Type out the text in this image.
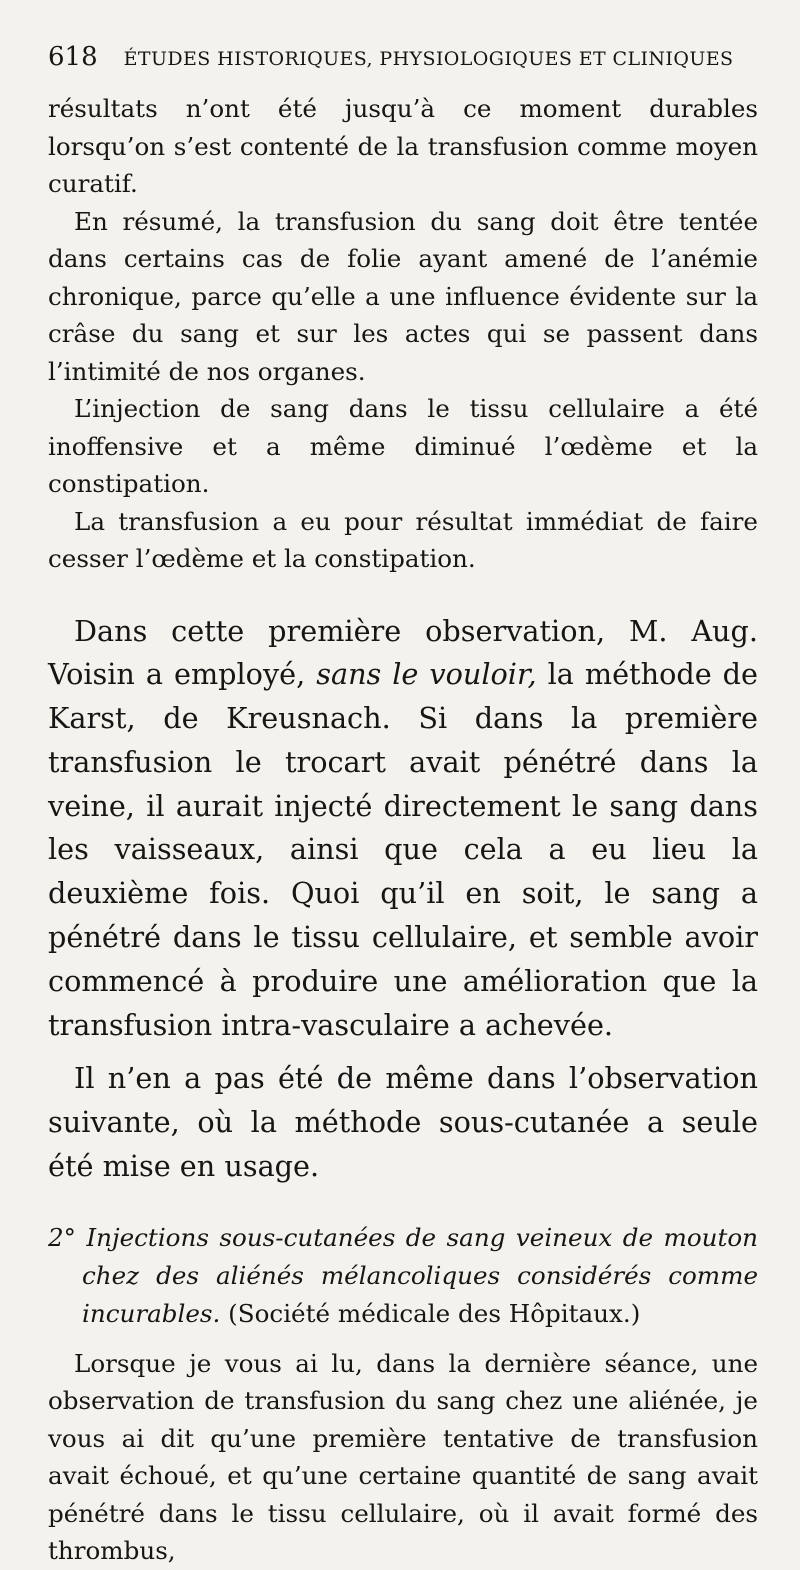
618 ÉTUDES HISTORIQUES, PHYSIOLOGIQUES ET CLINIQUES

résultats n’ont été jusqu’à ce moment durables lorsqu’on s’est contenté de la transfusion comme moyen curatif.

En résumé, la transfusion du sang doit être tentée dans certains cas de folie ayant amené de l’anémie chronique, parce qu’elle a une influence évidente sur la crâse du sang et sur les actes qui se passent dans l’intimité de nos organes.

L’injection de sang dans le tissu cellulaire a été inoffensive et a même diminué l’œdème et la constipation.

La transfusion a eu pour résultat immédiat de faire cesser l’œdème et la constipation.

Dans cette première observation, M. Aug. Voisin a employé, sans le vouloir, la méthode de Karst, de Kreusnach. Si dans la première transfusion le trocart avait pénétré dans la veine, il aurait injecté directement le sang dans les vaisseaux, ainsi que cela a eu lieu la deuxième fois. Quoi qu’il en soit, le sang a pénétré dans le tissu cellulaire, et semble avoir commencé à produire une amélioration que la transfusion intra-vasculaire a achevée.

Il n’en a pas été de même dans l’observation suivante, où la méthode sous-cutanée a seule été mise en usage.

2° Injections sous-cutanées de sang veineux de mouton chez des aliénés mélancoliques considérés comme incurables. (Société médicale des Hôpitaux.)

Lorsque je vous ai lu, dans la dernière séance, une observation de transfusion du sang chez une aliénée, je vous ai dit qu’une première tentative de transfusion avait échoué, et qu’une certaine quantité de sang avait pénétré dans le tissu cellulaire, où il avait formé des thrombus,
